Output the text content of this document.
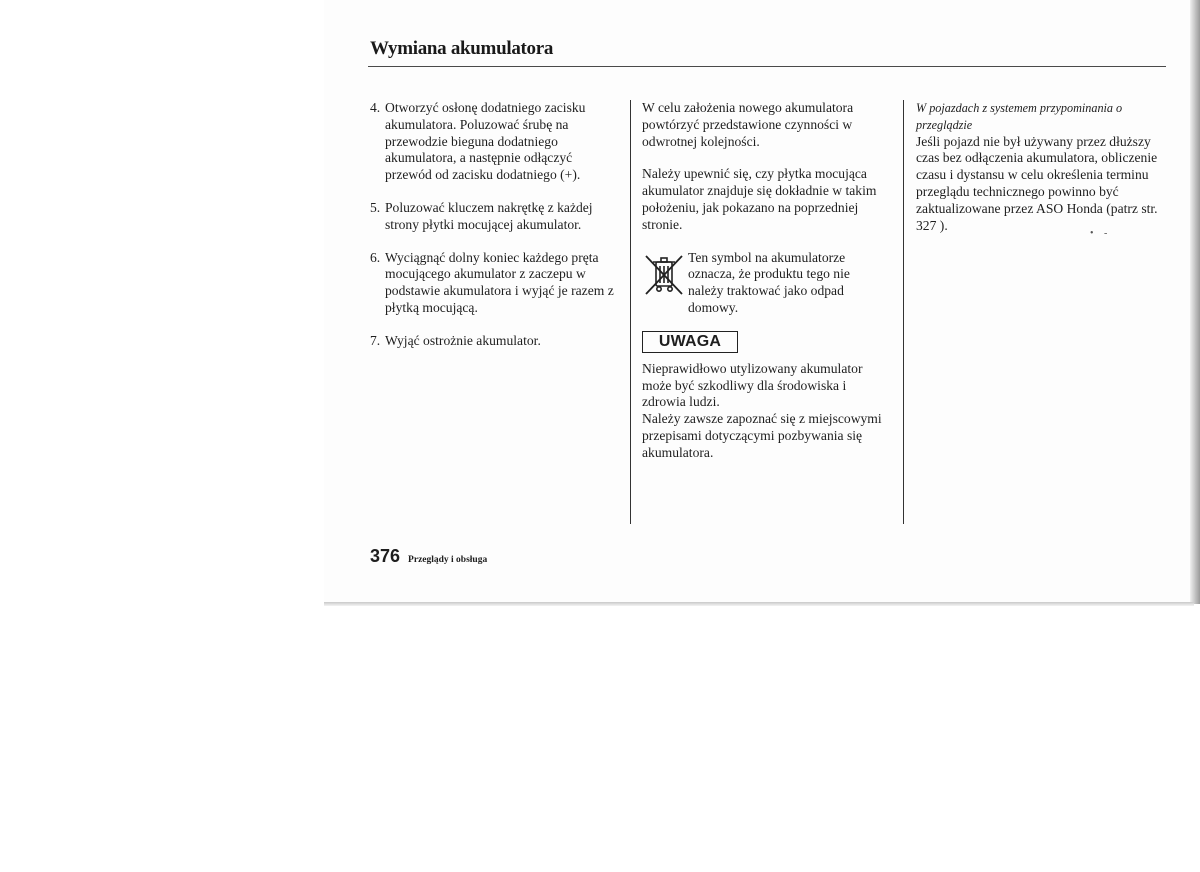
Wymiana akumulatora
4. Otworzyć osłonę dodatniego zacisku akumulatora. Poluzować śrubę na przewodzie bieguna dodatniego akumulatora, a następnie odłączyć przewód od zacisku dodatniego (+).
5. Poluzować kluczem nakrętkę z każdej strony płytki mocującej akumulator.
6. Wyciągnąć dolny koniec każdego pręta mocującego akumulator z zaczepu w podstawie akumulatora i wyjąć je razem z płytką mocującą.
7. Wyjąć ostrożnie akumulator.

W celu założenia nowego akumulatora powtórzyć przedstawione czynności w odwrotnej kolejności.

Należy upewnić się, czy płytka mocująca akumulator znajduje się dokładnie w takim położeniu, jak pokazano na poprzedniej stronie.

Ten symbol na akumulatorze oznacza, że produktu tego nie należy traktować jako odpad domowy.
UWAGA
Nieprawidłowo utylizowany akumulator może być szkodliwy dla środowiska i zdrowia ludzi.
Należy zawsze zapoznać się z miejscowymi przepisami dotyczącymi pozbywania się akumulatora.
W pojazdach z systemem przypominania o przeglądzie
Jeśli pojazd nie był używany przez dłuższy czas bez odłączenia akumulatora, obliczenie czasu i dystansu w celu określenia terminu przeglądu technicznego powinno być zaktualizowane przez ASO Honda (patrz str. 327 ).
• -
376 Przeglądy i obsługa
